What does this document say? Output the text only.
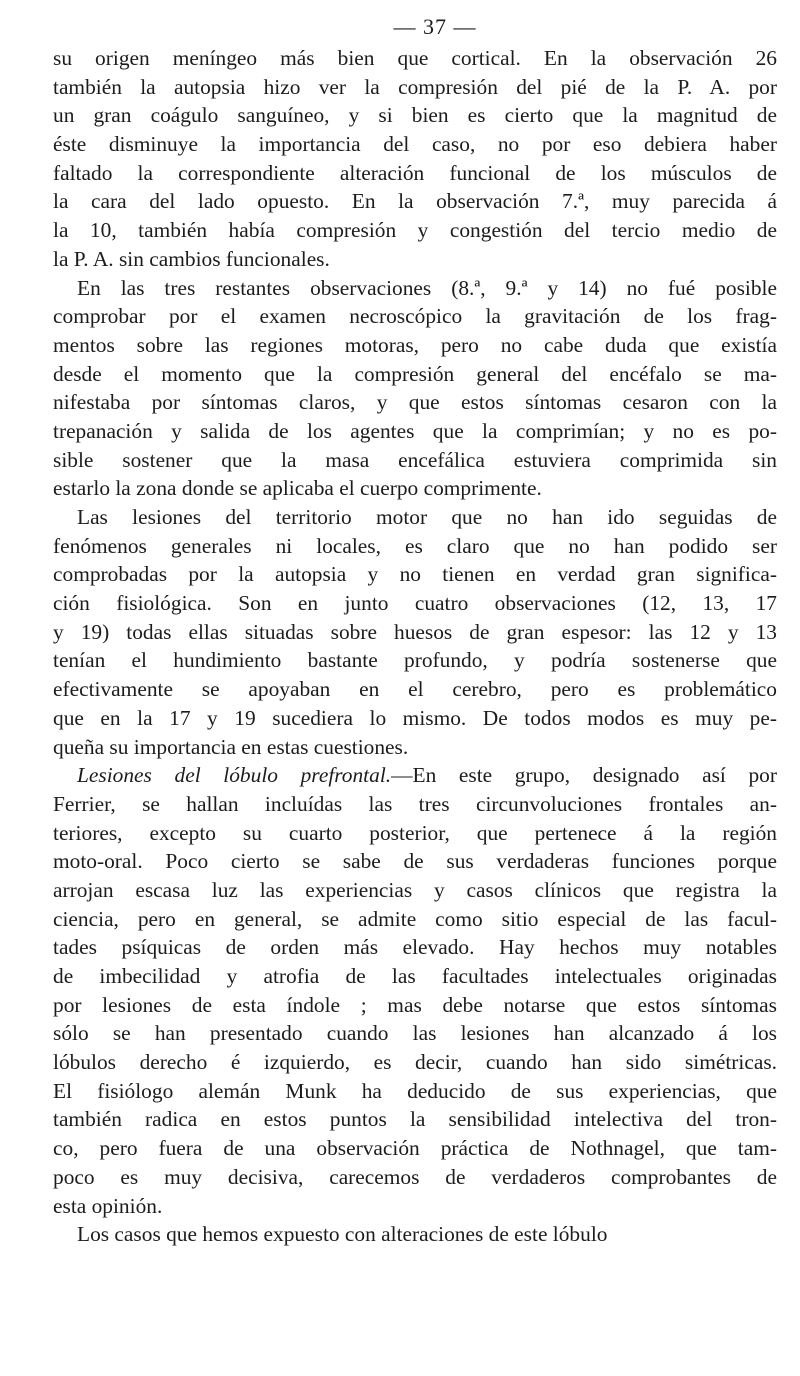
— 37 —
su origen meníngeo más bien que cortical. En la observación 26
también la autopsia hizo ver la compresión del pié de la P. A. por
un gran coágulo sanguíneo, y si bien es cierto que la magnitud de
éste disminuye la importancia del caso, no por eso debiera haber
faltado la correspondiente alteración funcional de los músculos de
la cara del lado opuesto. En la observación 7.ª, muy parecida á
la 10, también había compresión y congestión del tercio medio de
la P. A. sin cambios funcionales.
En las tres restantes observaciones (8.ª, 9.ª y 14) no fué posible
comprobar por el examen necroscópico la gravitación de los frag-
mentos sobre las regiones motoras, pero no cabe duda que existía
desde el momento que la compresión general del encéfalo se ma-
nifestaba por síntomas claros, y que estos síntomas cesaron con la
trepanación y salida de los agentes que la comprimían; y no es po-
sible sostener que la masa encefálica estuviera comprimida sin
estarlo la zona donde se aplicaba el cuerpo comprimente.
Las lesiones del territorio motor que no han ido seguidas de
fenómenos generales ni locales, es claro que no han podido ser
comprobadas por la autopsia y no tienen en verdad gran significa-
ción fisiológica. Son en junto cuatro observaciones (12, 13, 17
y 19) todas ellas situadas sobre huesos de gran espesor: las 12 y 13
tenían el hundimiento bastante profundo, y podría sostenerse que
efectivamente se apoyaban en el cerebro, pero es problemático
que en la 17 y 19 sucediera lo mismo. De todos modos es muy pe-
queña su importancia en estas cuestiones.
Lesiones del lóbulo prefrontal.—En este grupo, designado así por
Ferrier, se hallan incluídas las tres circunvoluciones frontales an-
teriores, excepto su cuarto posterior, que pertenece á la región
moto-oral. Poco cierto se sabe de sus verdaderas funciones porque
arrojan escasa luz las experiencias y casos clínicos que registra la
ciencia, pero en general, se admite como sitio especial de las facul-
tades psíquicas de orden más elevado. Hay hechos muy notables
de imbecilidad y atrofia de las facultades intelectuales originadas
por lesiones de esta índole ; mas debe notarse que estos síntomas
sólo se han presentado cuando las lesiones han alcanzado á los
lóbulos derecho é izquierdo, es decir, cuando han sido simétricas.
El fisiólogo alemán Munk ha deducido de sus experiencias, que
también radica en estos puntos la sensibilidad intelectiva del tron-
co, pero fuera de una observación práctica de Nothnagel, que tam-
poco es muy decisiva, carecemos de verdaderos comprobantes de
esta opinión.
Los casos que hemos expuesto con alteraciones de este lóbulo
